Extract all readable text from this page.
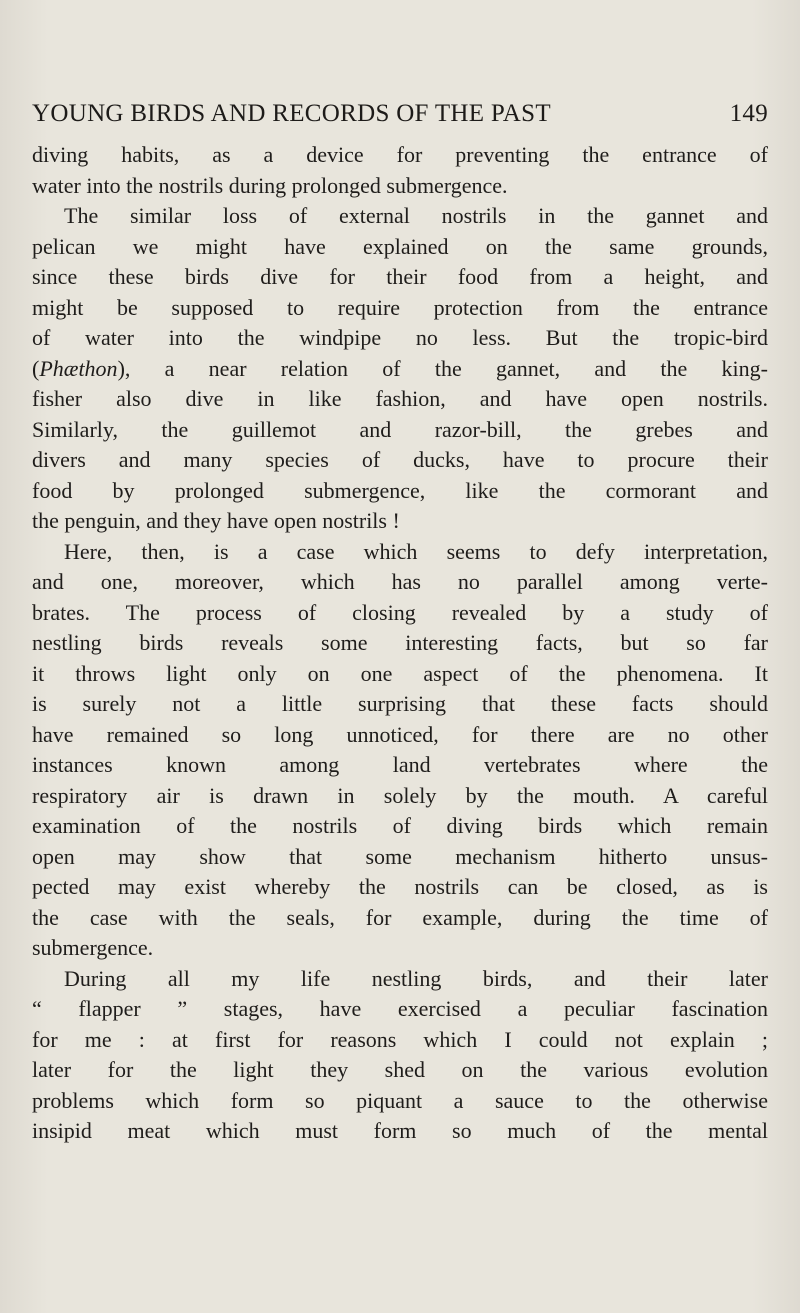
YOUNG BIRDS AND RECORDS OF THE PAST	149
diving habits, as a device for preventing the entrance of
water into the nostrils during prolonged submergence.
The similar loss of external nostrils in the gannet and
pelican we might have explained on the same grounds,
since these birds dive for their food from a height, and
might be supposed to require protection from the entrance
of water into the windpipe no less. But the tropic-bird
(Phæthon), a near relation of the gannet, and the king-
fisher also dive in like fashion, and have open nostrils.
Similarly, the guillemot and razor-bill, the grebes and
divers and many species of ducks, have to procure their
food by prolonged submergence, like the cormorant and
the penguin, and they have open nostrils !
Here, then, is a case which seems to defy interpretation,
and one, moreover, which has no parallel among verte-
brates. The process of closing revealed by a study of
nestling birds reveals some interesting facts, but so far
it throws light only on one aspect of the phenomena. It
is surely not a little surprising that these facts should
have remained so long unnoticed, for there are no other
instances known among land vertebrates where the
respiratory air is drawn in solely by the mouth. A careful
examination of the nostrils of diving birds which remain
open may show that some mechanism hitherto unsus-
pected may exist whereby the nostrils can be closed, as is
the case with the seals, for example, during the time of
submergence.
During all my life nestling birds, and their later
“ flapper ” stages, have exercised a peculiar fascination
for me : at first for reasons which I could not explain ;
later for the light they shed on the various evolution
problems which form so piquant a sauce to the otherwise
insipid meat which must form so much of the mental
